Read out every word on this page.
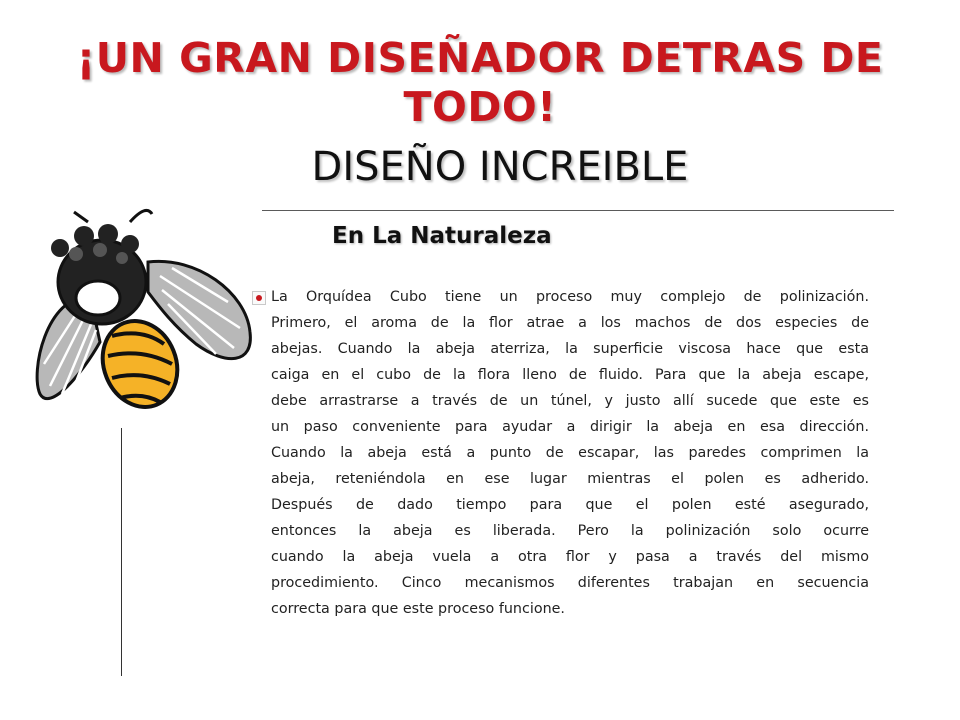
¡UN GRAN DISEÑADOR DETRAS DE TODO!
DISEÑO INCREIBLE
En La Naturaleza
La Orquídea Cubo tiene un proceso muy complejo de polinización.
Primero, el aroma de la flor atrae a los machos de dos especies de
abejas. Cuando la abeja aterriza, la superficie viscosa hace que esta
caiga en el cubo de la flora lleno de fluido. Para que la abeja escape,
debe arrastrarse a través de un túnel, y justo allí sucede que este es
un paso conveniente para ayudar a dirigir la abeja en esa dirección.
Cuando la abeja está a punto de escapar, las paredes comprimen la
abeja, reteniéndola en ese lugar mientras el polen es adherido.
Después de dado tiempo para que el polen esté asegurado,
entonces la abeja es liberada. Pero la polinización solo ocurre
cuando la abeja vuela a otra flor y pasa a través del mismo
procedimiento. Cinco mecanismos diferentes trabajan en secuencia
correcta para que este proceso funcione.
